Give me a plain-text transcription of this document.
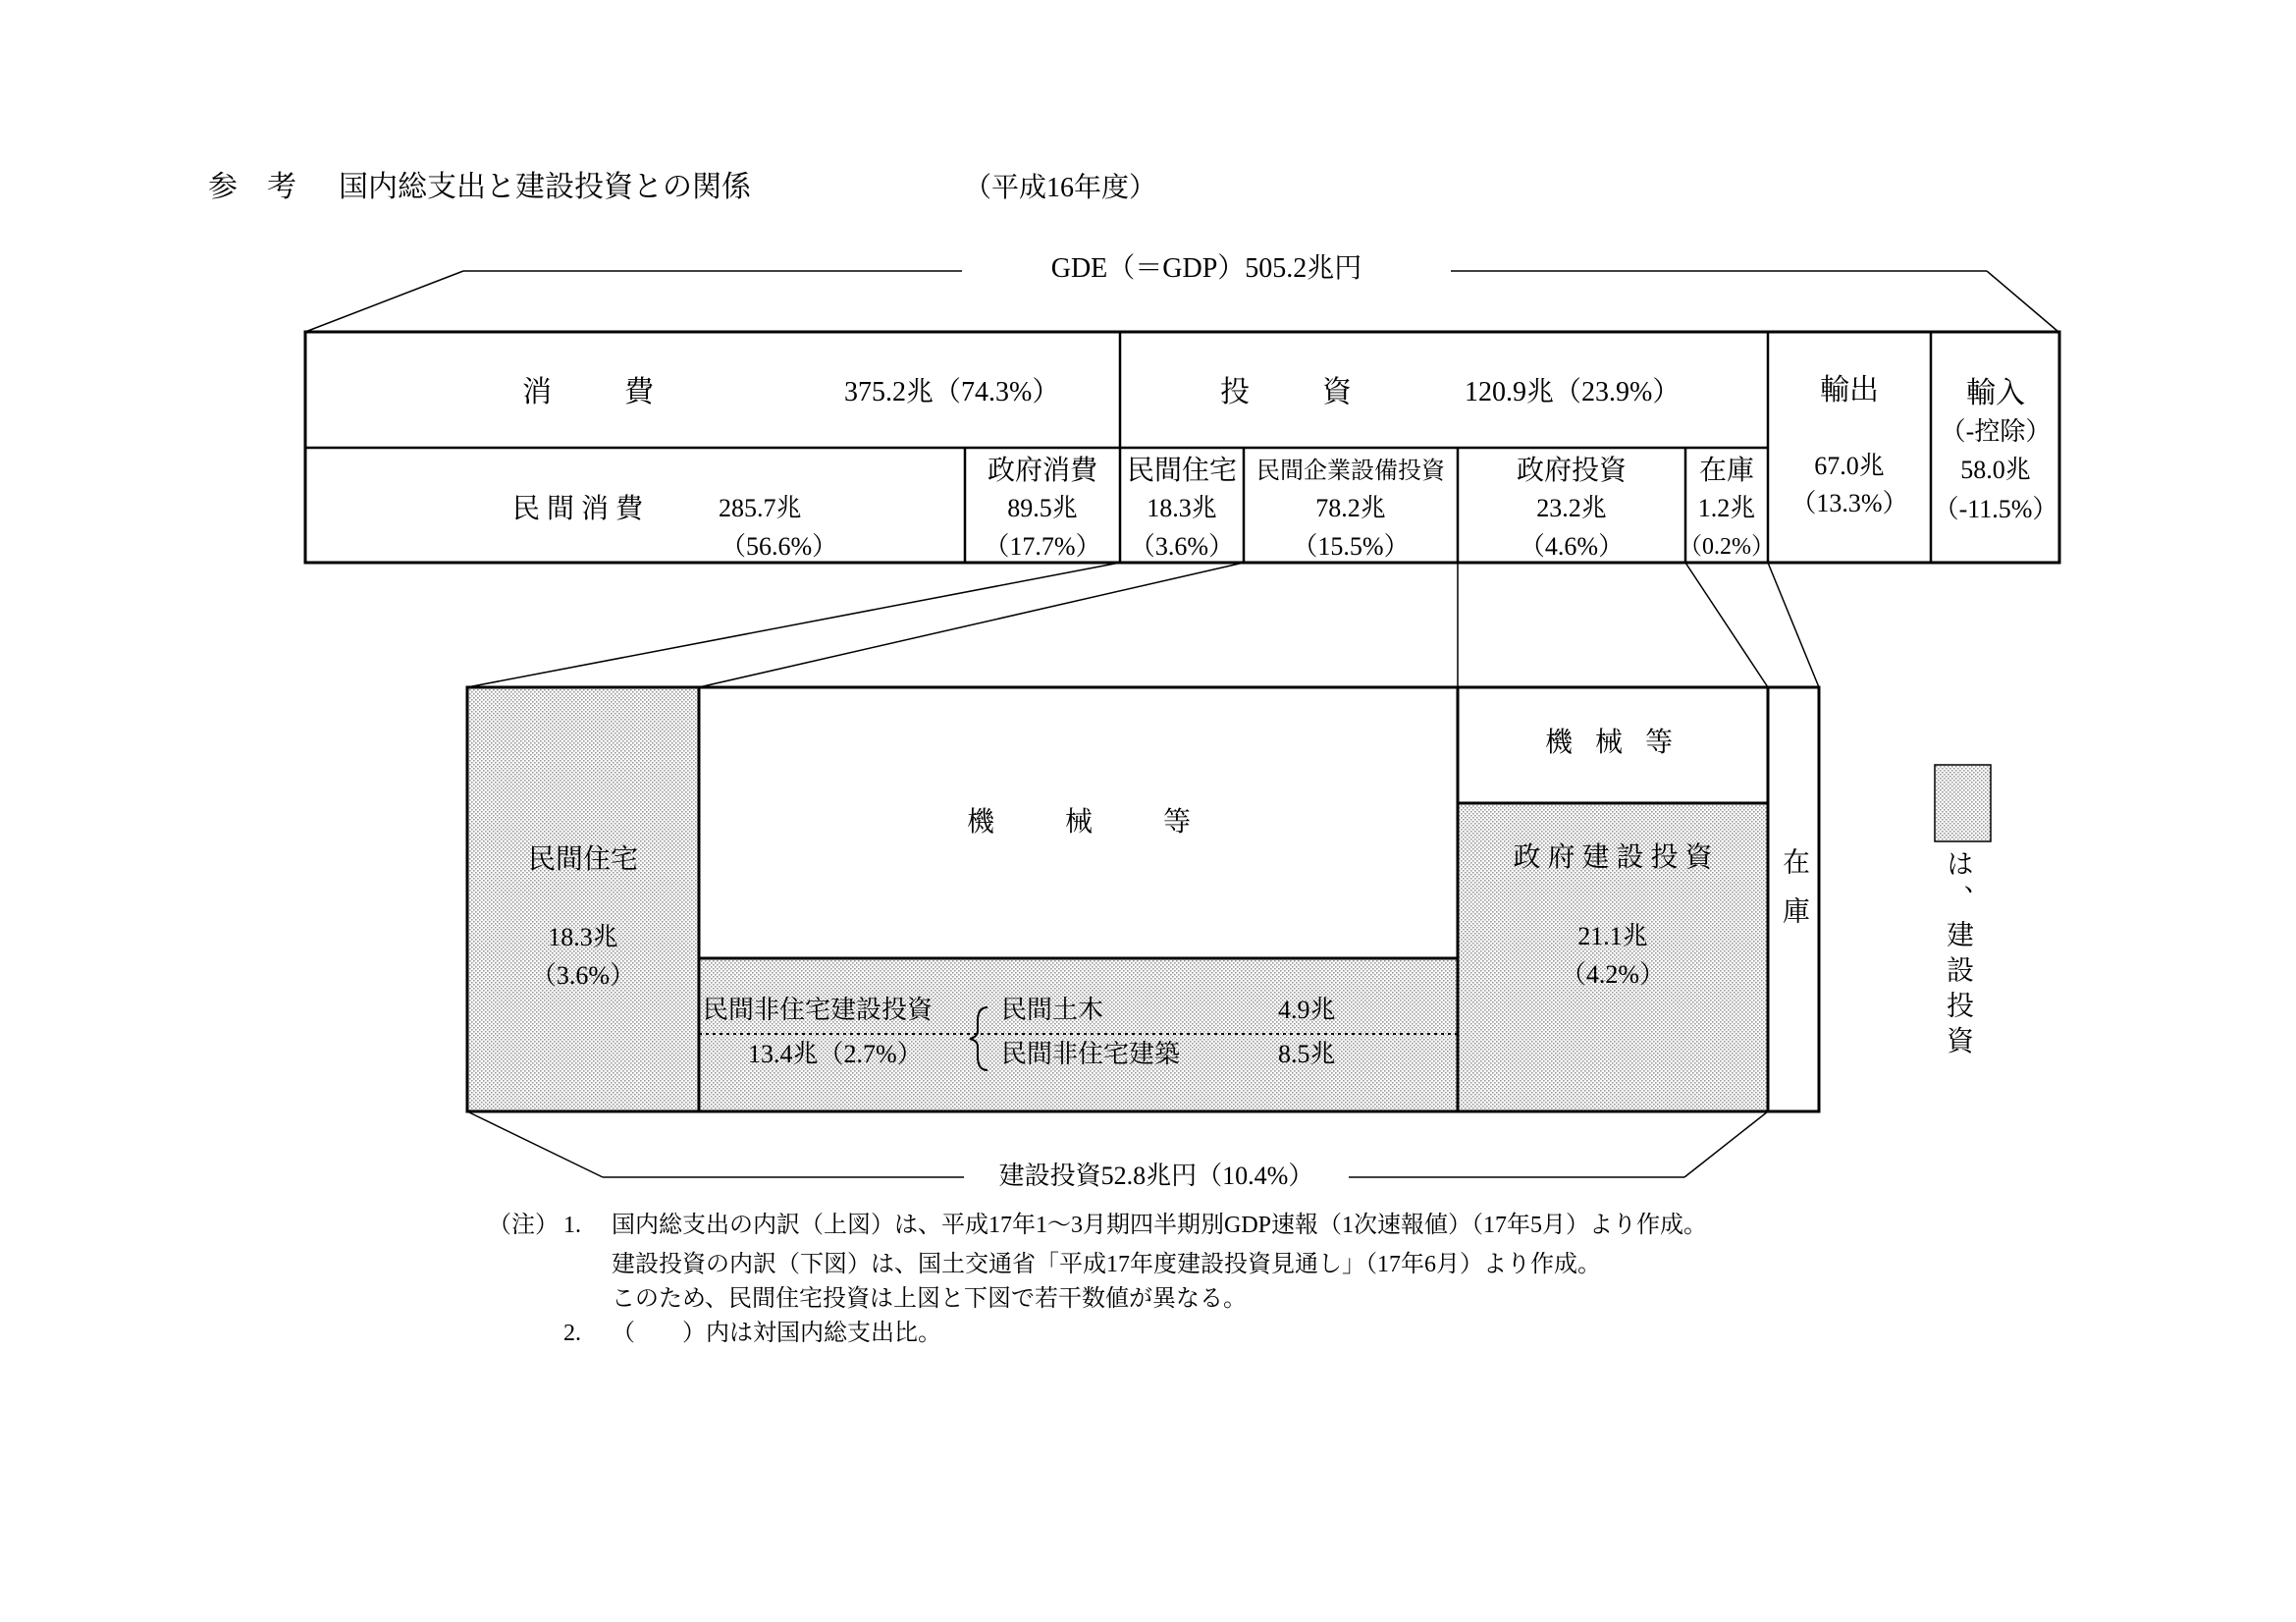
参　考 国内総支出と建設投資との関係	（平成16年度）
GDE（＝GDP）505.2兆円
消　費	375.2兆（74.3%）	投　資	120.9兆（23.9%）	輸出
67.0兆
（13.3%）
輸入
（-控除）
58.0兆
（-11.5%）
民 間 消 費	285.7兆
（56.6%）
政府消費
89.5兆
（17.7%）
民間住宅
18.3兆
（3.6%）
民間企業設備投資
78.2兆
（15.5%）
政府投資
23.2兆
（4.6%）
在庫
1.2兆
（0.2%）
民間住宅
18.3兆
（3.6%）
機　械　等
民間非住宅建設投資
13.4兆（2.7%）
民間土木	4.9兆
民間非住宅建築	8.5兆
機 械 等
政 府 建 設 投 資
21.1兆
（4.2%）
在庫
建設投資52.8兆円（10.4%）
は、建設投資
（注） 1. 国内総支出の内訳（上図）は、平成17年1～3月期四半期別GDP速報（1次速報値）（17年5月）より作成。
建設投資の内訳（下図）は、国土交通省「平成17年度建設投資見通し」（17年6月）より作成。
このため、民間住宅投資は上図と下図で若干数値が異なる。
2. （　　）内は対国内総支出比。
